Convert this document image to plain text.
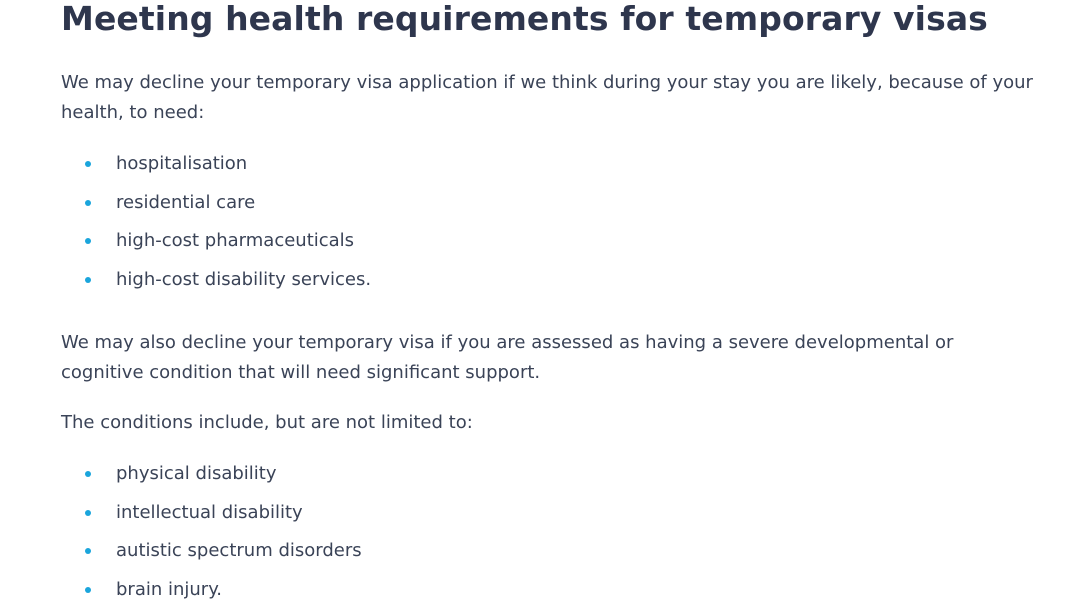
Meeting health requirements for temporary visas

We may decline your temporary visa application if we think during your stay you are likely, because of your health, to need:

hospitalisation
residential care
high-cost pharmaceuticals
high-cost disability services.

We may also decline your temporary visa if you are assessed as having a severe developmental or cognitive condition that will need significant support.

The conditions include, but are not limited to:

physical disability
intellectual disability
autistic spectrum disorders
brain injury.
